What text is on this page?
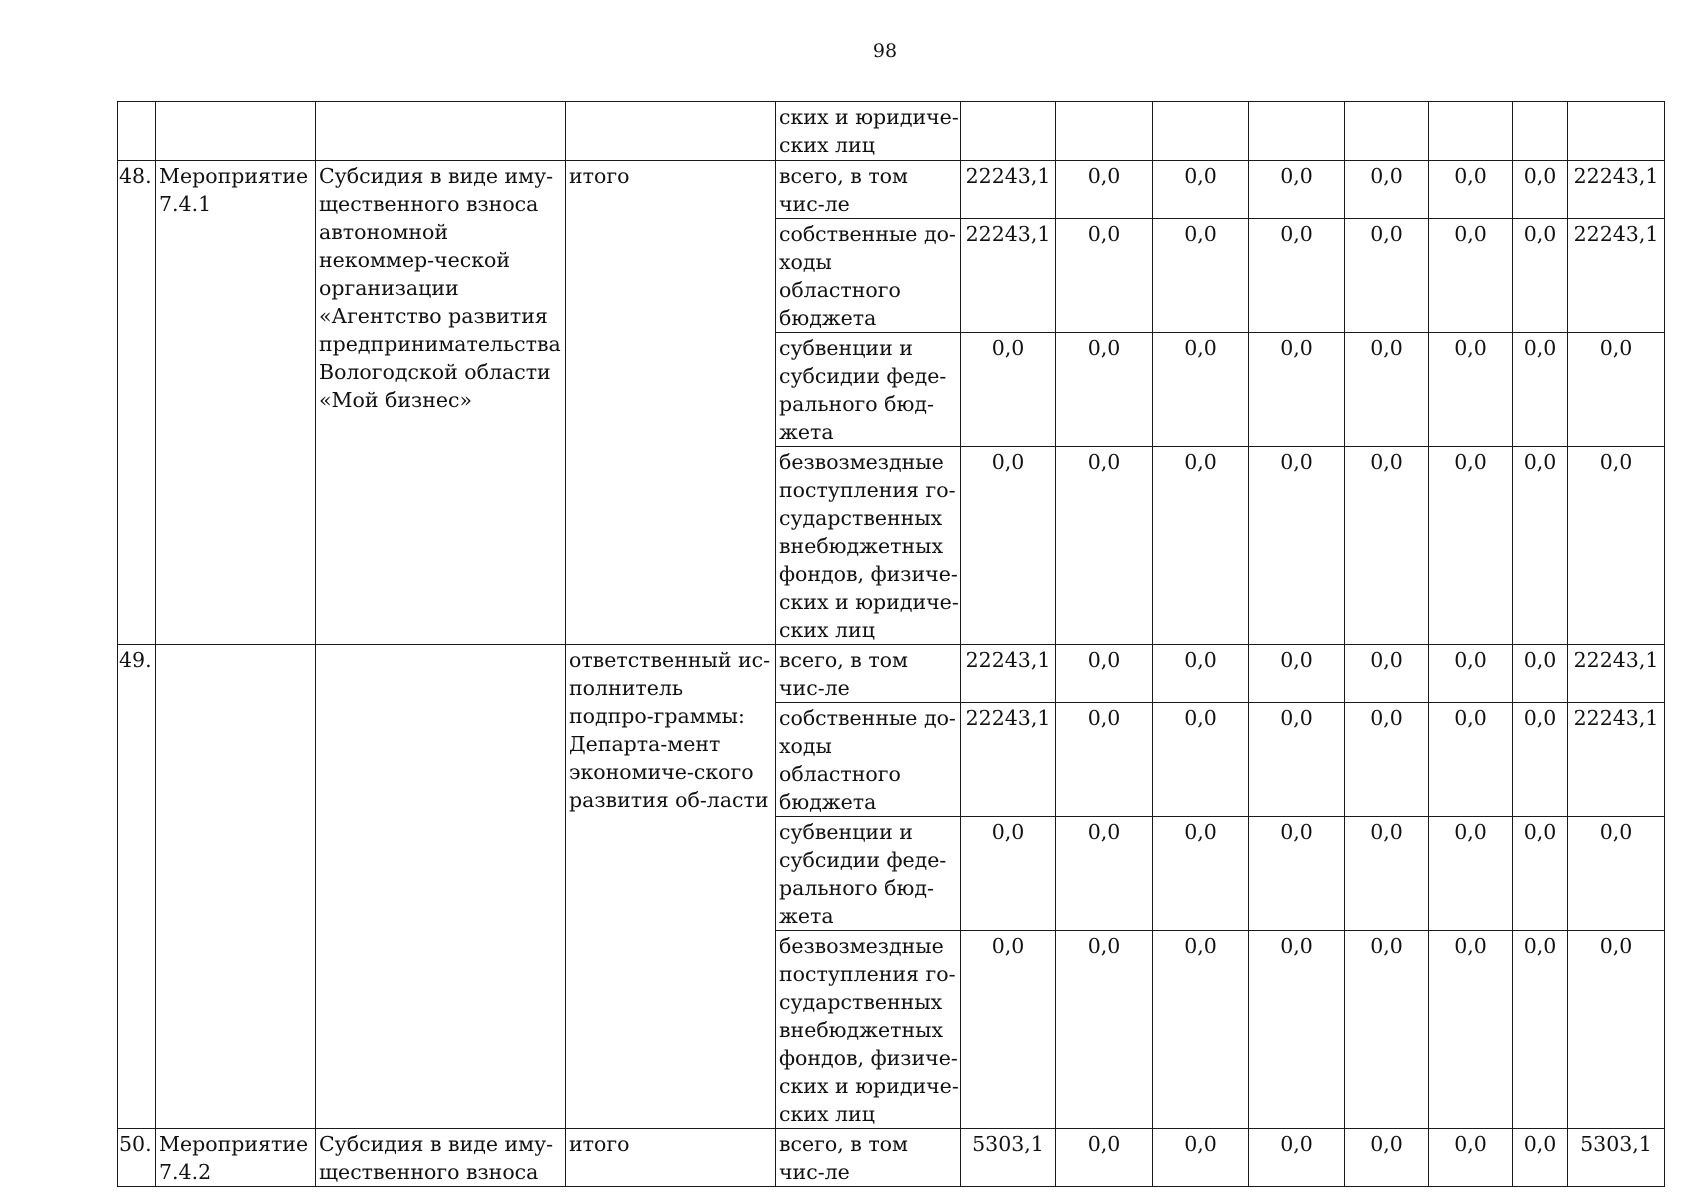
98
				ских и юридиче-ских лиц								
48.	Мероприятие 7.4.1	Субсидия в виде иму-щественного взноса автономной некоммер-ческой организации «Агентство развития предпринимательства Вологодской области «Мой бизнес»	итого	всего, в том чис-ле	22243,1	0,0	0,0	0,0	0,0	0,0	0,0	22243,1
				собственные до-ходы областного бюджета	22243,1	0,0	0,0	0,0	0,0	0,0	0,0	22243,1
				субвенции и субсидии феде-рального бюд-жета	0,0	0,0	0,0	0,0	0,0	0,0	0,0	0,0
				безвозмездные поступления го-сударственных внебюджетных фондов, физиче-ских и юридиче-ских лиц	0,0	0,0	0,0	0,0	0,0	0,0	0,0	0,0
49.			ответственный ис-полнитель подпро-граммы: Департа-мент экономиче-ского развития об-ласти	всего, в том чис-ле	22243,1	0,0	0,0	0,0	0,0	0,0	0,0	22243,1
				собственные до-ходы областного бюджета	22243,1	0,0	0,0	0,0	0,0	0,0	0,0	22243,1
				субвенции и субсидии феде-рального бюд-жета	0,0	0,0	0,0	0,0	0,0	0,0	0,0	0,0
				безвозмездные поступления го-сударственных внебюджетных фондов, физиче-ских и юридиче-ских лиц	0,0	0,0	0,0	0,0	0,0	0,0	0,0	0,0
50.	Мероприятие 7.4.2	Субсидия в виде иму-щественного взноса	итого	всего, в том чис-ле	5303,1	0,0	0,0	0,0	0,0	0,0	0,0	5303,1
